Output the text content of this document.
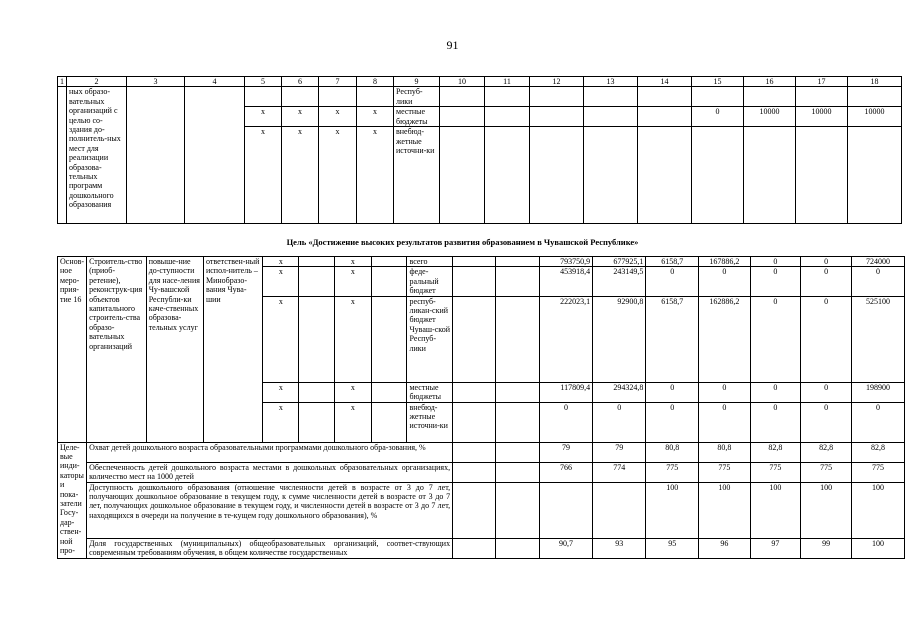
91
1	2	3	4	5	6	7	8	9	10	11	12	13	14	15	16	17	18
	ных образо-вательных организаций с целью со-здания до-полнитель-ных мест для реализации образова-тельных программ дошкольного образования							Респуб-лики									
				x	x	x	x	местные бюджеты						0	10000	10000	10000
				x	x	x	x	внебюд-жетные источни-ки									
Цель «Достижение высоких результатов развития образованием в Чувашской Республике»
Основ-ное меро-прия-тие 16	Строитель-ство (приоб-ретение), реконструк-ция объектов капитального строитель-ства образо-вательных организаций	повыше-ние до-ступности для насе-ления Чу-вашской Республи-ки каче-ственных образова-тельных услуг	ответствен-ный испол-нитель – Минобразо-вания Чува-шии	x		x		всего			793750,9	677925,1	6158,7	167886,2	0	0	724000
				x		x		феде-ральный бюджет			453918,4	243149,5	0	0	0	0	0
				x		x		респуб-ликан-ский бюджет Чуваш-ской Респуб-лики			222023,1	92900,8	6158,7	162886,2	0	0	525100
				x		x		местные бюджеты			117809,4	294324,8	0	0	0	0	198900
				x		x		внебюд-жетные источни-ки			0	0	0	0	0	0	0
Целе-вые инди-каторы и пока-затели Госу-дар-ствен-ной про-	Охват детей дошкольного возраста образовательными программами дошкольного обра-зования, %										79	79	80,8	80,8	82,8	82,8	82,8
	Обеспеченность детей дошкольного возраста местами в дошкольных образовательных организациях, количество мест на 1000 детей										766	774	775	775	775	775	775
	Доступность дошкольного образования (отношение численности детей в возрасте от 3 до 7 лет, получающих дошкольное образование в текущем году, к сумме численности детей в возрасте от 3 до 7 лет, получающих дошкольное образование в текущем году, и численности детей в возрасте от 3 до 7 лет, находящихся в очереди на получение в те-кущем году дошкольного образования), %												100	100	100	100	100
	Доля государственных (муниципальных) общеобразовательных организаций, соответ-ствующих современным требованиям обучения, в общем количестве государственных										90,7	93	95	96	97	99	100
